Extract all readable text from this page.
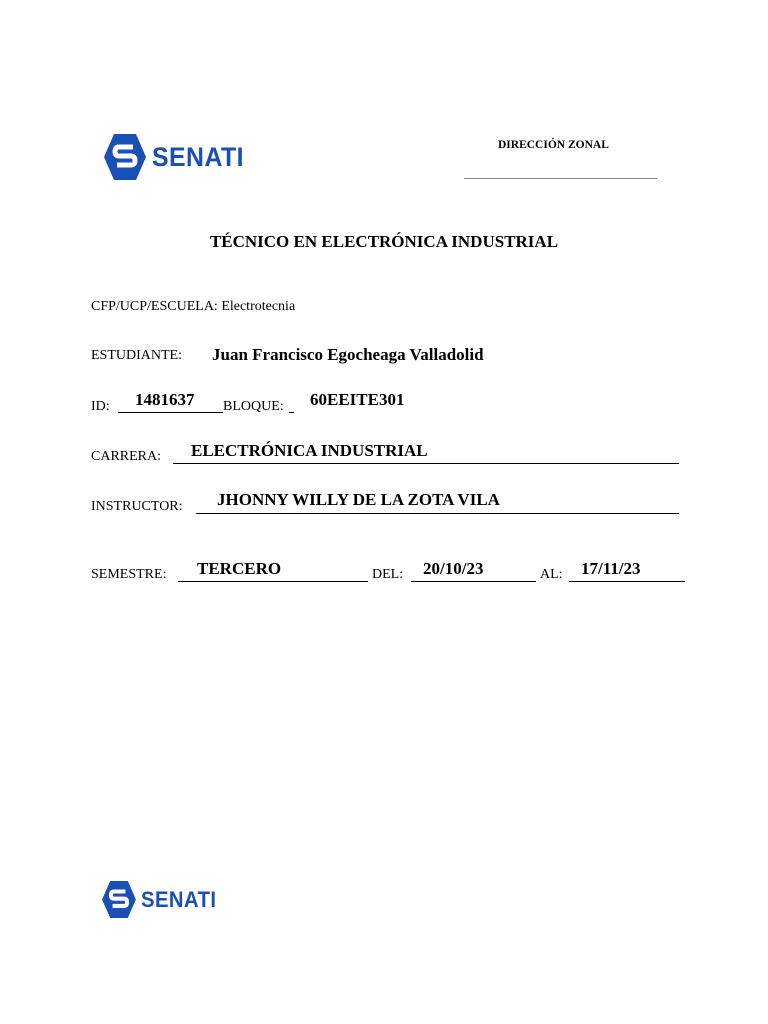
SENATI	DIRECCIÓN ZONAL
TÉCNICO EN ELECTRÓNICA INDUSTRIAL
CFP/UCP/ESCUELA: Electrotecnia
ESTUDIANTE: Juan Francisco Egocheaga Valladolid
ID: 1481637 BLOQUE: 60EEITE301
CARRERA: ELECTRÓNICA INDUSTRIAL
INSTRUCTOR: JHONNY WILLY DE LA ZOTA VILA
SEMESTRE: TERCERO	DEL: 20/10/23	AL: 17/11/23
SENATI
